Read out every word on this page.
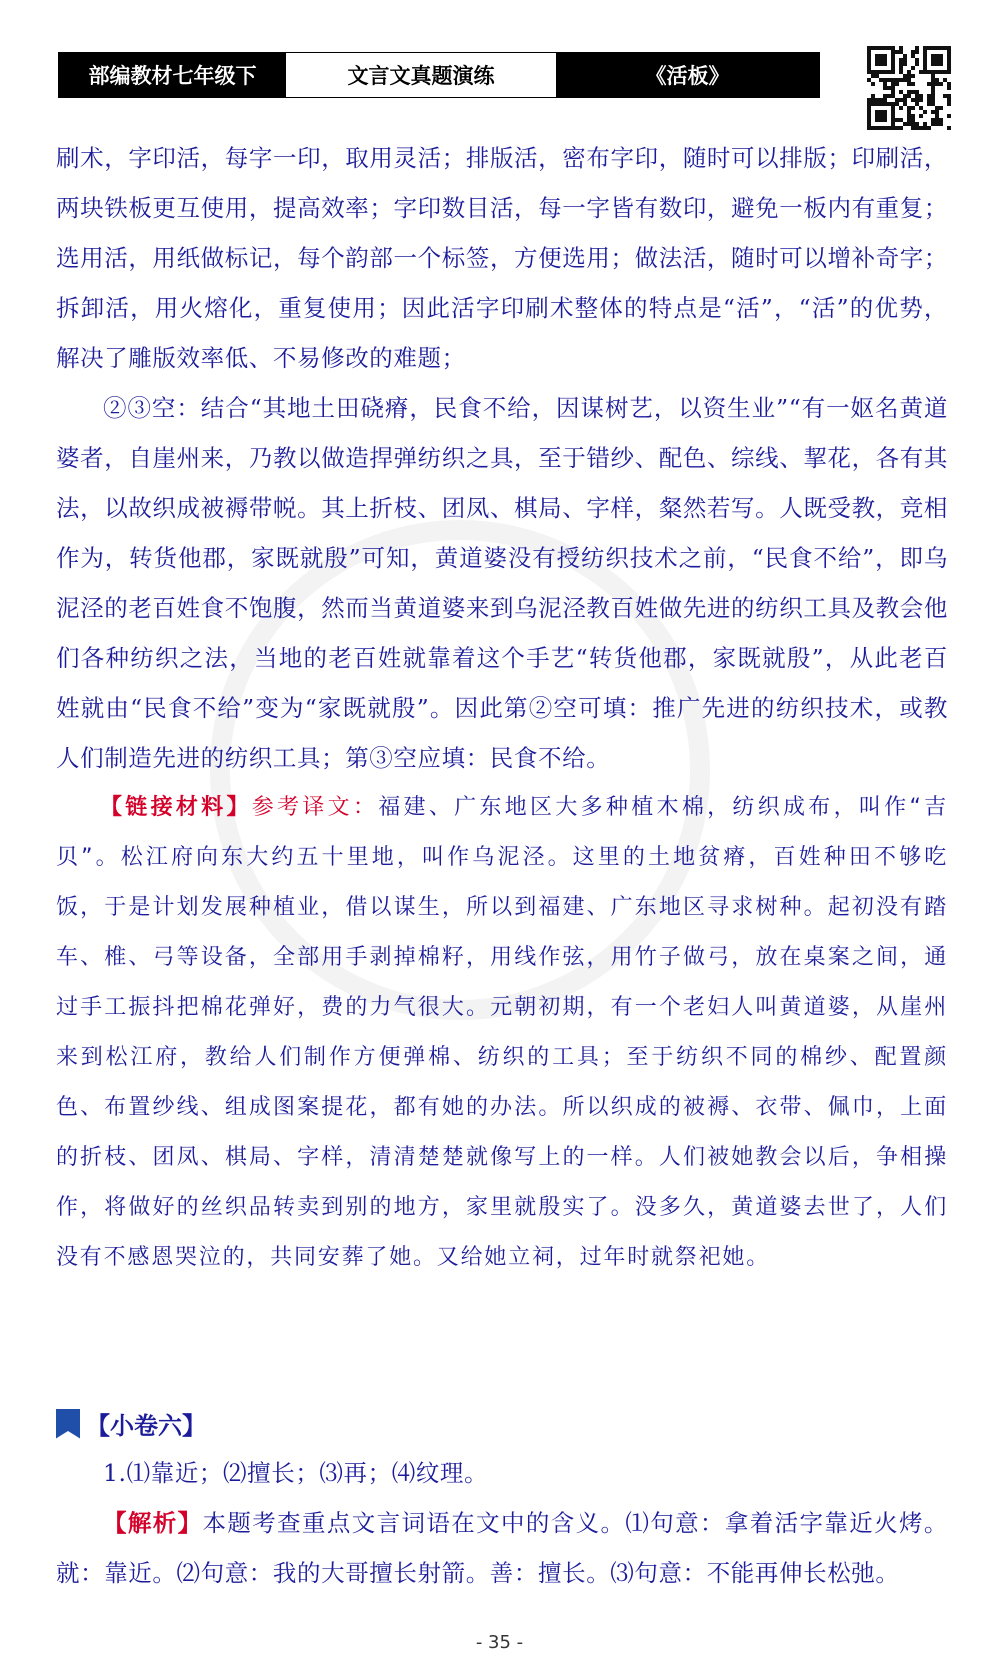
部编教材七年级下	文言文真题演练	《活板》

刷术，字印活，每字一印，取用灵活；排版活，密布字印，随时可以排版；印刷活，两块铁板更互使用，提高效率；字印数目活，每一字皆有数印，避免一板内有重复；选用活，用纸做标记，每个韵部一个标签，方便选用；做法活，随时可以增补奇字；拆卸活，用火熔化，重复使用；因此活字印刷术整体的特点是“活”，“活”的优势，解决了雕版效率低、不易修改的难题；

②③空：结合“其地土田硗瘠，民食不给，因谋树艺，以资生业”“有一妪名黄道婆者，自崖州来，乃教以做造捍弹纺织之具，至于错纱、配色、综线、挈花，各有其法，以故织成被褥带帨。其上折枝、团凤、棋局、字样，粲然若写。人既受教，竞相作为，转货他郡，家既就殷”可知，黄道婆没有授纺织技术之前，“民食不给”，即乌泥泾的老百姓食不饱腹，然而当黄道婆来到乌泥泾教百姓做先进的纺织工具及教会他们各种纺织之法，当地的老百姓就靠着这个手艺“转货他郡，家既就殷”，从此老百姓就由“民食不给”变为“家既就殷”。因此第②空可填：推广先进的纺织技术，或教人们制造先进的纺织工具；第③空应填：民食不给。

【链接材料】参考译文：福建、广东地区大多种植木棉，纺织成布，叫作“吉贝”。松江府向东大约五十里地，叫作乌泥泾。这里的土地贫瘠，百姓种田不够吃饭，于是计划发展种植业，借以谋生，所以到福建、广东地区寻求树种。起初没有踏车、椎、弓等设备，全部用手剥掉棉籽，用线作弦，用竹子做弓，放在桌案之间，通过手工振抖把棉花弹好，费的力气很大。元朝初期，有一个老妇人叫黄道婆，从崖州来到松江府，教给人们制作方便弹棉、纺织的工具；至于纺织不同的棉纱、配置颜色、布置纱线、组成图案提花，都有她的办法。所以织成的被褥、衣带、佩巾，上面的折枝、团凤、棋局、字样，清清楚楚就像写上的一样。人们被她教会以后，争相操作，将做好的丝织品转卖到别的地方，家里就殷实了。没多久，黄道婆去世了，人们没有不感恩哭泣的，共同安葬了她。又给她立祠，过年时就祭祀她。

【小卷六】

1.⑴靠近；⑵擅长；⑶再；⑷纹理。

【解析】本题考查重点文言词语在文中的含义。⑴句意：拿着活字靠近火烤。就：靠近。⑵句意：我的大哥擅长射箭。善：擅长。⑶句意：不能再伸长松弛。

- 35 -
